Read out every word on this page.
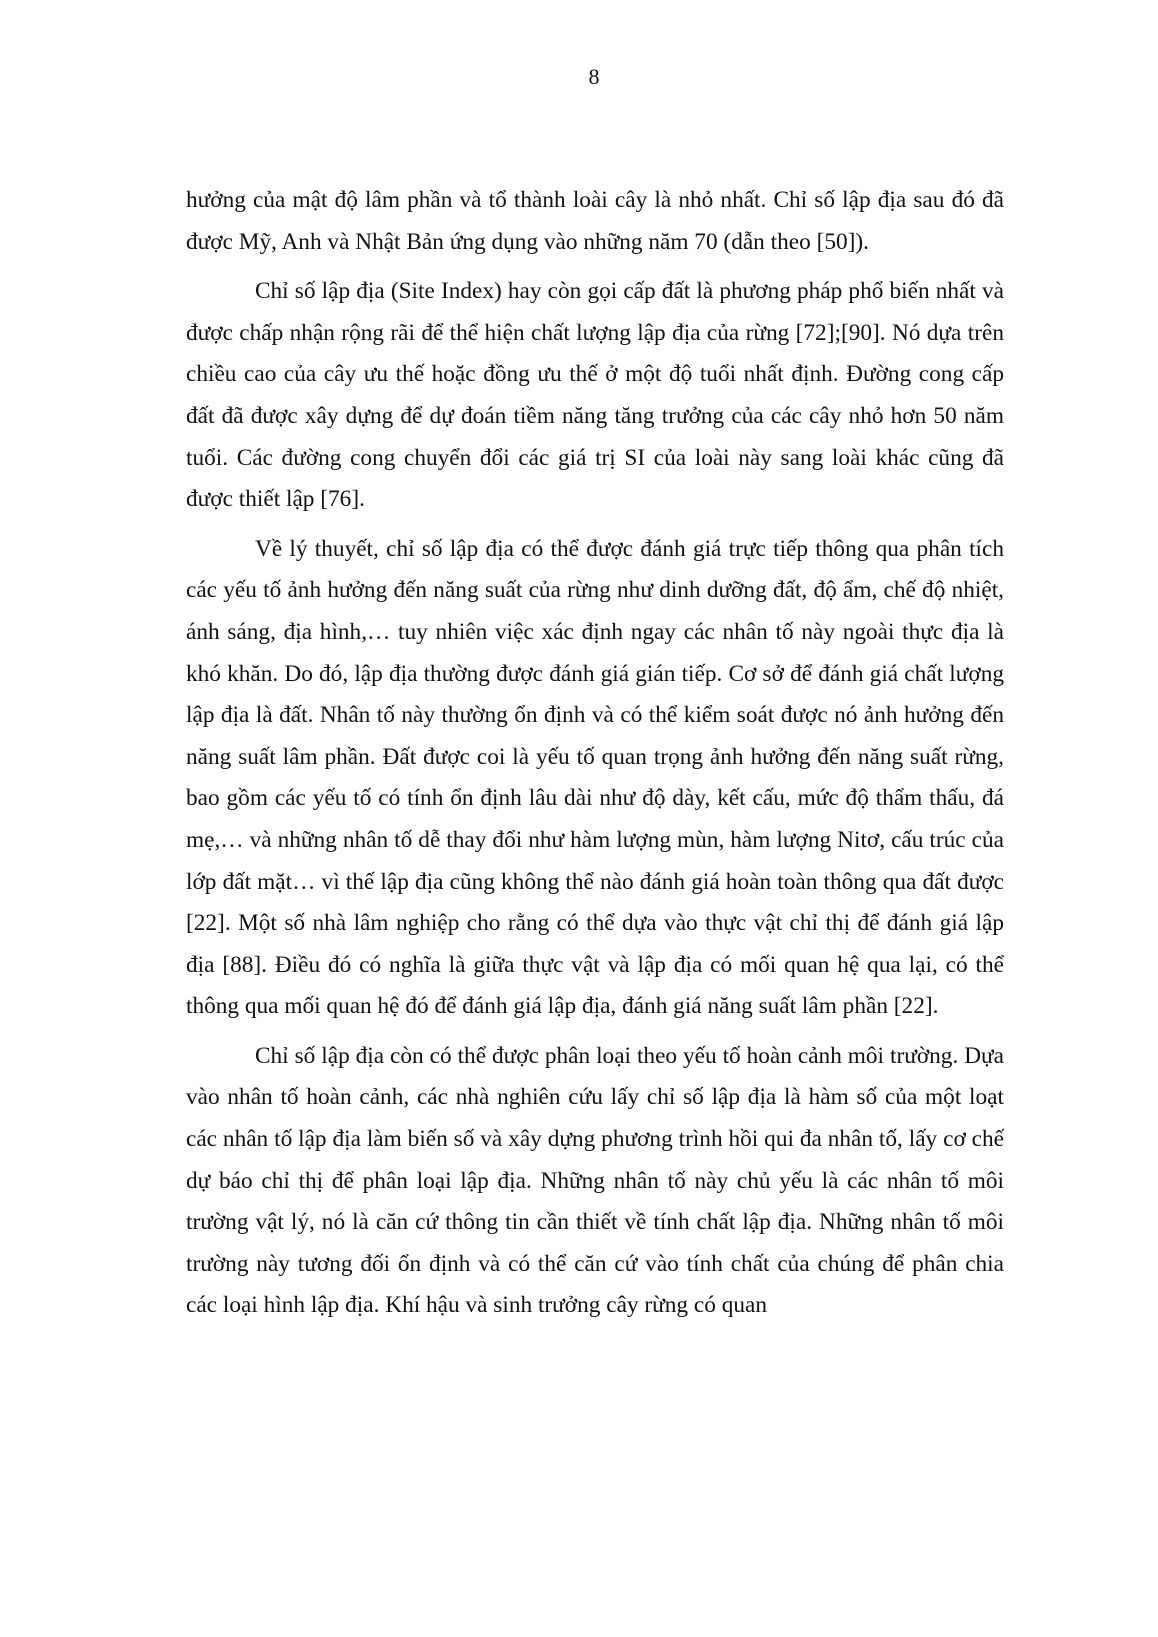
8

hưởng của mật độ lâm phần và tổ thành loài cây là nhỏ nhất. Chỉ số lập địa sau đó đã được Mỹ, Anh và Nhật Bản ứng dụng vào những năm 70 (dẫn theo [50]).

Chỉ số lập địa (Site Index) hay còn gọi cấp đất là phương pháp phổ biến nhất và được chấp nhận rộng rãi để thể hiện chất lượng lập địa của rừng [72];[90]. Nó dựa trên chiều cao của cây ưu thế hoặc đồng ưu thế ở một độ tuổi nhất định. Đường cong cấp đất đã được xây dựng để dự đoán tiềm năng tăng trưởng của các cây nhỏ hơn 50 năm tuổi. Các đường cong chuyển đổi các giá trị SI của loài này sang loài khác cũng đã được thiết lập [76].

Về lý thuyết, chỉ số lập địa có thể được đánh giá trực tiếp thông qua phân tích các yếu tố ảnh hưởng đến năng suất của rừng như dinh dưỡng đất, độ ẩm, chế độ nhiệt, ánh sáng, địa hình,… tuy nhiên việc xác định ngay các nhân tố này ngoài thực địa là khó khăn. Do đó, lập địa thường được đánh giá gián tiếp. Cơ sở để đánh giá chất lượng lập địa là đất. Nhân tố này thường ổn định và có thể kiểm soát được nó ảnh hưởng đến năng suất lâm phần. Đất được coi là yếu tố quan trọng ảnh hưởng đến năng suất rừng, bao gồm các yếu tố có tính ổn định lâu dài như độ dày, kết cấu, mức độ thẩm thấu, đá mẹ,… và những nhân tố dễ thay đổi như hàm lượng mùn, hàm lượng Nitơ, cấu trúc của lớp đất mặt… vì thế lập địa cũng không thể nào đánh giá hoàn toàn thông qua đất được [22]. Một số nhà lâm nghiệp cho rằng có thể dựa vào thực vật chỉ thị để đánh giá lập địa [88]. Điều đó có nghĩa là giữa thực vật và lập địa có mối quan hệ qua lại, có thể thông qua mối quan hệ đó để đánh giá lập địa, đánh giá năng suất lâm phần [22].

Chỉ số lập địa còn có thể được phân loại theo yếu tố hoàn cảnh môi trường. Dựa vào nhân tố hoàn cảnh, các nhà nghiên cứu lấy chỉ số lập địa là hàm số của một loạt các nhân tố lập địa làm biến số và xây dựng phương trình hồi qui đa nhân tố, lấy cơ chế dự báo chỉ thị để phân loại lập địa. Những nhân tố này chủ yếu là các nhân tố môi trường vật lý, nó là căn cứ thông tin cần thiết về tính chất lập địa. Những nhân tố môi trường này tương đối ổn định và có thể căn cứ vào tính chất của chúng để phân chia các loại hình lập địa. Khí hậu và sinh trưởng cây rừng có quan
